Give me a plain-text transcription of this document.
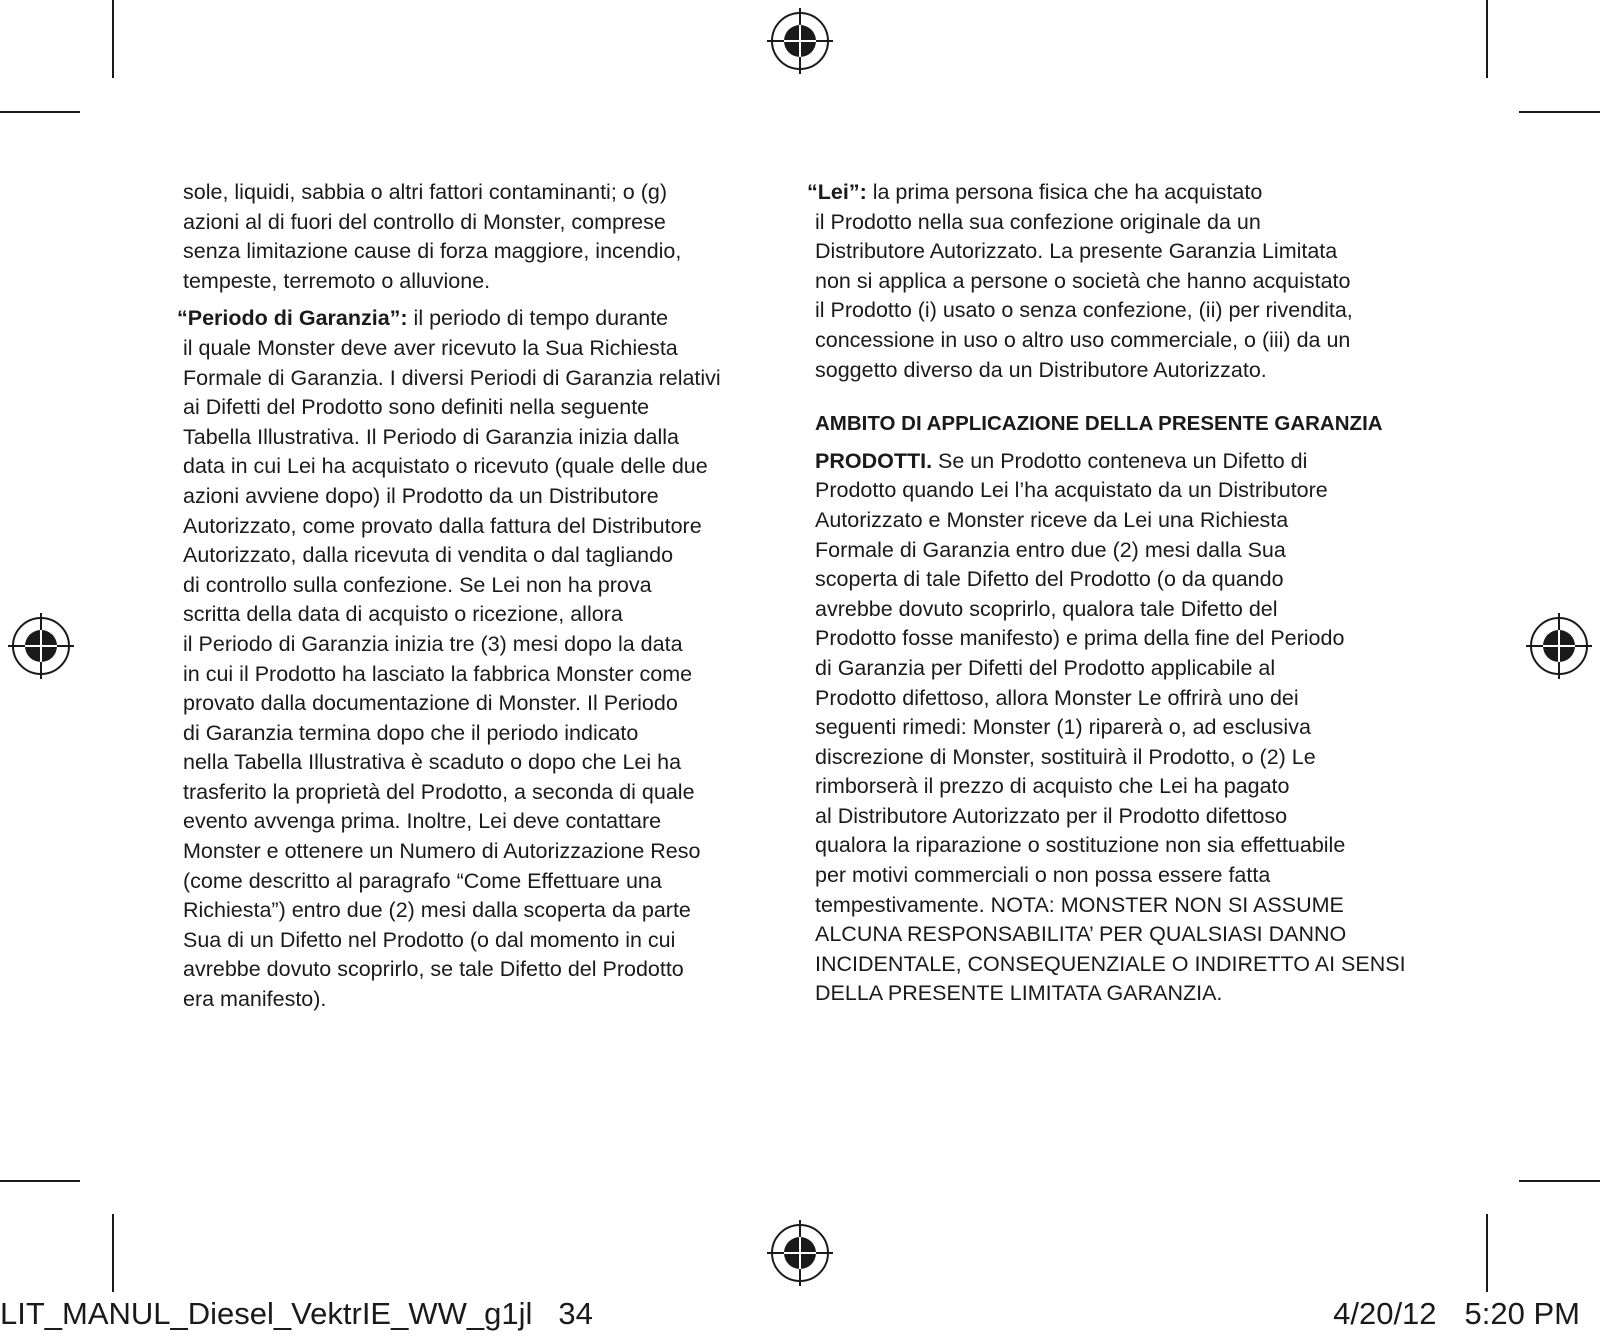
sole, liquidi, sabbia o altri fattori contaminanti; o (g)
azioni al di fuori del controllo di Monster, comprese
senza limitazione cause di forza maggiore, incendio,
tempeste, terremoto o alluvione.

“Periodo di Garanzia”: il periodo di tempo durante

il quale Monster deve aver ricevuto la Sua Richiesta
Formale di Garanzia. I diversi Periodi di Garanzia relativi
ai Difetti del Prodotto sono definiti nella seguente
Tabella Illustrativa. Il Periodo di Garanzia inizia dalla
data in cui Lei ha acquistato o ricevuto (quale delle due
azioni avviene dopo) il Prodotto da un Distributore
Autorizzato, come provato dalla fattura del Distributore
Autorizzato, dalla ricevuta di vendita o dal tagliando
di controllo sulla confezione. Se Lei non ha prova
scritta della data di acquisto o ricezione, allora
il Periodo di Garanzia inizia tre (3) mesi dopo la data
in cui il Prodotto ha lasciato la fabbrica Monster come
provato dalla documentazione di Monster. Il Periodo
di Garanzia termina dopo che il periodo indicato
nella Tabella Illustrativa è scaduto o dopo che Lei ha
trasferito la proprietà del Prodotto, a seconda di quale
evento avvenga prima. Inoltre, Lei deve contattare
Monster e ottenere un Numero di Autorizzazione Reso
(come descritto al paragrafo “Come Effettuare una
Richiesta”) entro due (2) mesi dalla scoperta da parte
Sua di un Difetto nel Prodotto (o dal momento in cui
avrebbe dovuto scoprirlo, se tale Difetto del Prodotto
era manifesto).

“Lei”: la prima persona fisica che ha acquistato

il Prodotto nella sua confezione originale da un
Distributore Autorizzato. La presente Garanzia Limitata
non si applica a persone o società che hanno acquistato
il Prodotto (i) usato o senza confezione, (ii) per rivendita,
concessione in uso o altro uso commerciale, o (iii) da un
soggetto diverso da un Distributore Autorizzato.

AMBITO DI APPLICAZIONE DELLA PRESENTE GARANZIA

PRODOTTI. Se un Prodotto conteneva un Difetto di
Prodotto quando Lei l’ha acquistato da un Distributore
Autorizzato e Monster riceve da Lei una Richiesta
Formale di Garanzia entro due (2) mesi dalla Sua
scoperta di tale Difetto del Prodotto (o da quando
avrebbe dovuto scoprirlo, qualora tale Difetto del
Prodotto fosse manifesto) e prima della fine del Periodo
di Garanzia per Difetti del Prodotto applicabile al
Prodotto difettoso, allora Monster Le offrirà uno dei
seguenti rimedi: Monster (1) riparerà o, ad esclusiva
discrezione di Monster, sostituirà il Prodotto, o (2) Le
rimborserà il prezzo di acquisto che Lei ha pagato
al Distributore Autorizzato per il Prodotto difettoso
qualora la riparazione o sostituzione non sia effettuabile
per motivi commerciali o non possa essere fatta
tempestivamente. NOTA: MONSTER NON SI ASSUME
ALCUNA RESPONSABILITA’ PER QUALSIASI DANNO
INCIDENTALE, CONSEQUENZIALE O INDIRETTO AI SENSI
DELLA PRESENTE LIMITATA GARANZIA.

LIT_MANUL_Diesel_VektrIE_WW_g1jl 34	4/20/12 5:20 PM
